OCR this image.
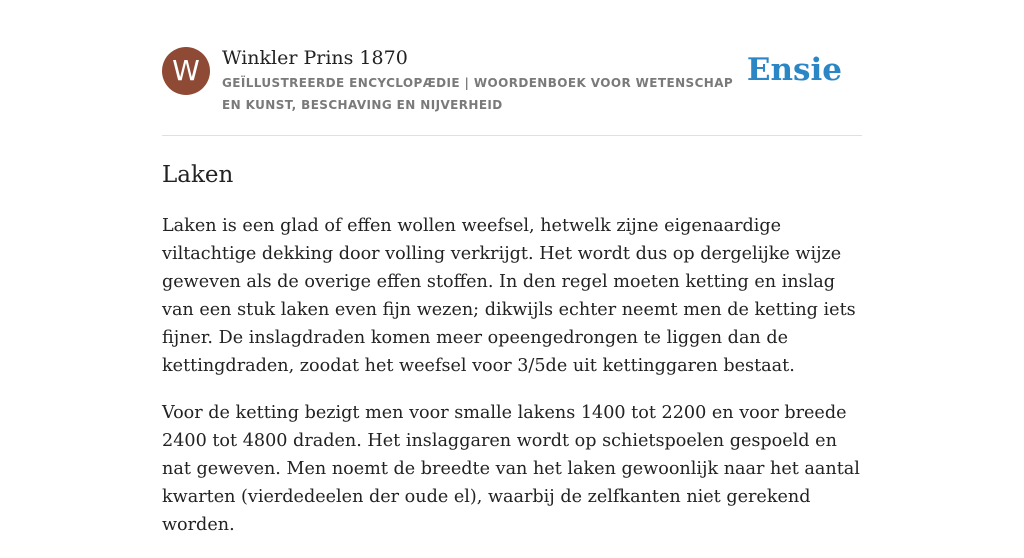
W	Winkler Prins 1870
GEÏLLUSTREERDE ENCYCLOPÆDIE | WOORDENBOEK VOOR WETENSCHAP EN KUNST, BESCHAVING EN NIJVERHEID
Ensie
Laken

Laken is een glad of effen wollen weefsel, hetwelk zijne eigenaardige viltachtige dekking door volling verkrijgt. Het wordt dus op dergelijke wijze geweven als de overige effen stoffen. In den regel moeten ketting en inslag van een stuk laken even fijn wezen; dikwijls echter neemt men de ketting iets fijner. De inslagdraden komen meer opeengedrongen te liggen dan de kettingdraden, zoodat het weefsel voor 3/5de uit kettinggaren bestaat.

Voor de ketting bezigt men voor smalle lakens 1400 tot 2200 en voor breede 2400 tot 4800 draden. Het inslaggaren wordt op schietspoelen gespoeld en nat geweven. Men noemt de breedte van het laken gewoonlijk naar het aantal kwarten (vierdedeelen der oude el), waarbij de zelfkanten niet gerekend worden.
